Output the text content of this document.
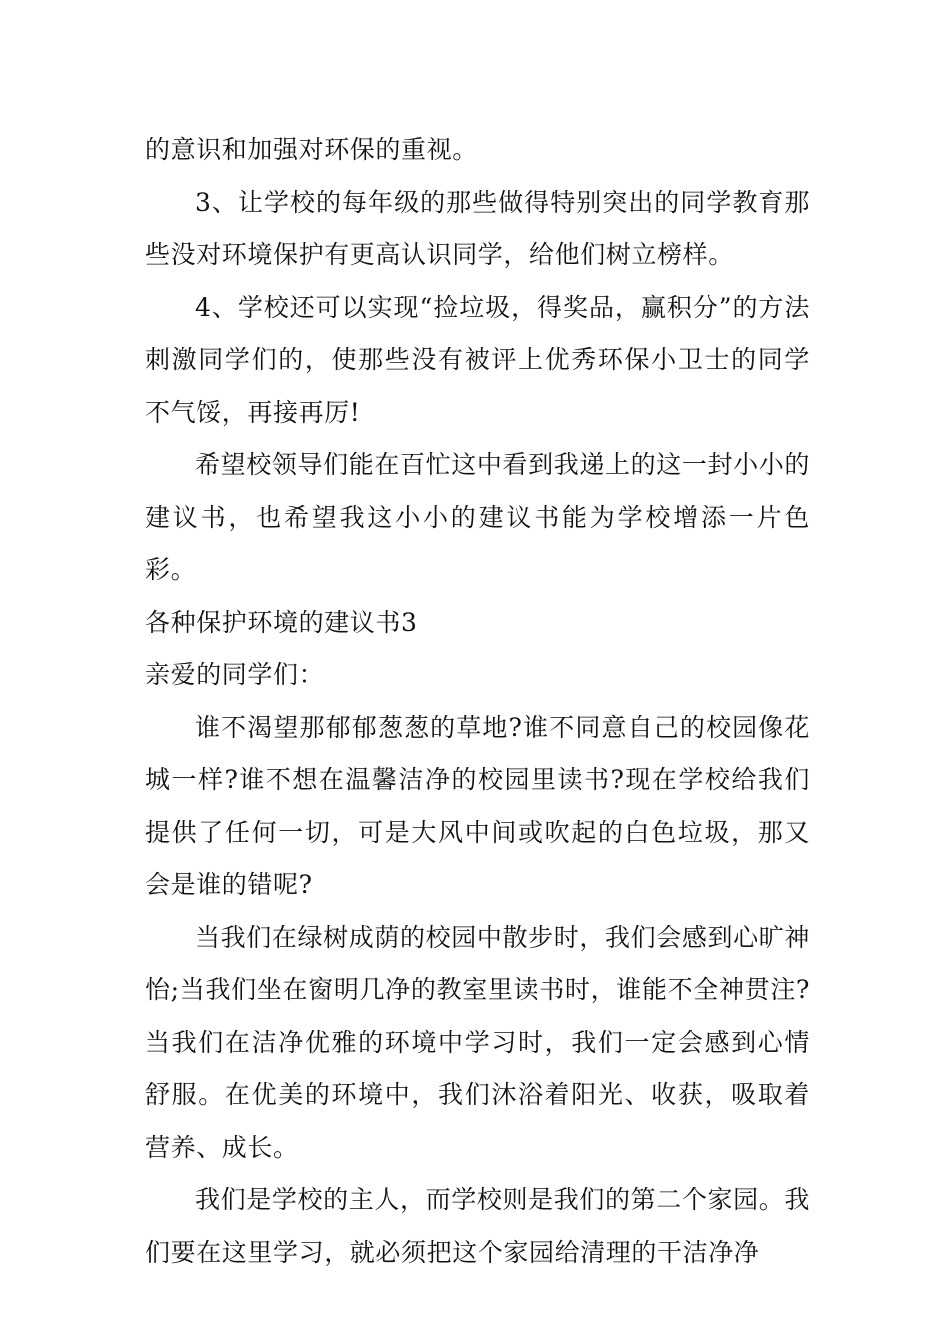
的意识和加强对环保的重视。

3、让学校的每年级的那些做得特别突出的同学教育那些没对环境保护有更高认识同学，给他们树立榜样。

4、学校还可以实现“捡垃圾，得奖品，赢积分”的方法刺激同学们的，使那些没有被评上优秀环保小卫士的同学不气馁，再接再厉!

希望校领导们能在百忙这中看到我递上的这一封小小的建议书，也希望我这小小的建议书能为学校增添一片色彩。

各种保护环境的建议书3

亲爱的同学们：

谁不渴望那郁郁葱葱的草地?谁不同意自己的校园像花城一样?谁不想在温馨洁净的校园里读书?现在学校给我们提供了任何一切，可是大风中间或吹起的白色垃圾，那又会是谁的错呢?

当我们在绿树成荫的校园中散步时，我们会感到心旷神怡;当我们坐在窗明几净的教室里读书时，谁能不全神贯注?当我们在洁净优雅的环境中学习时，我们一定会感到心情舒服。在优美的环境中，我们沐浴着阳光、收获，吸取着营养、成长。

我们是学校的主人，而学校则是我们的第二个家园。我们要在这里学习，就必须把这个家园给清理的干洁净净
